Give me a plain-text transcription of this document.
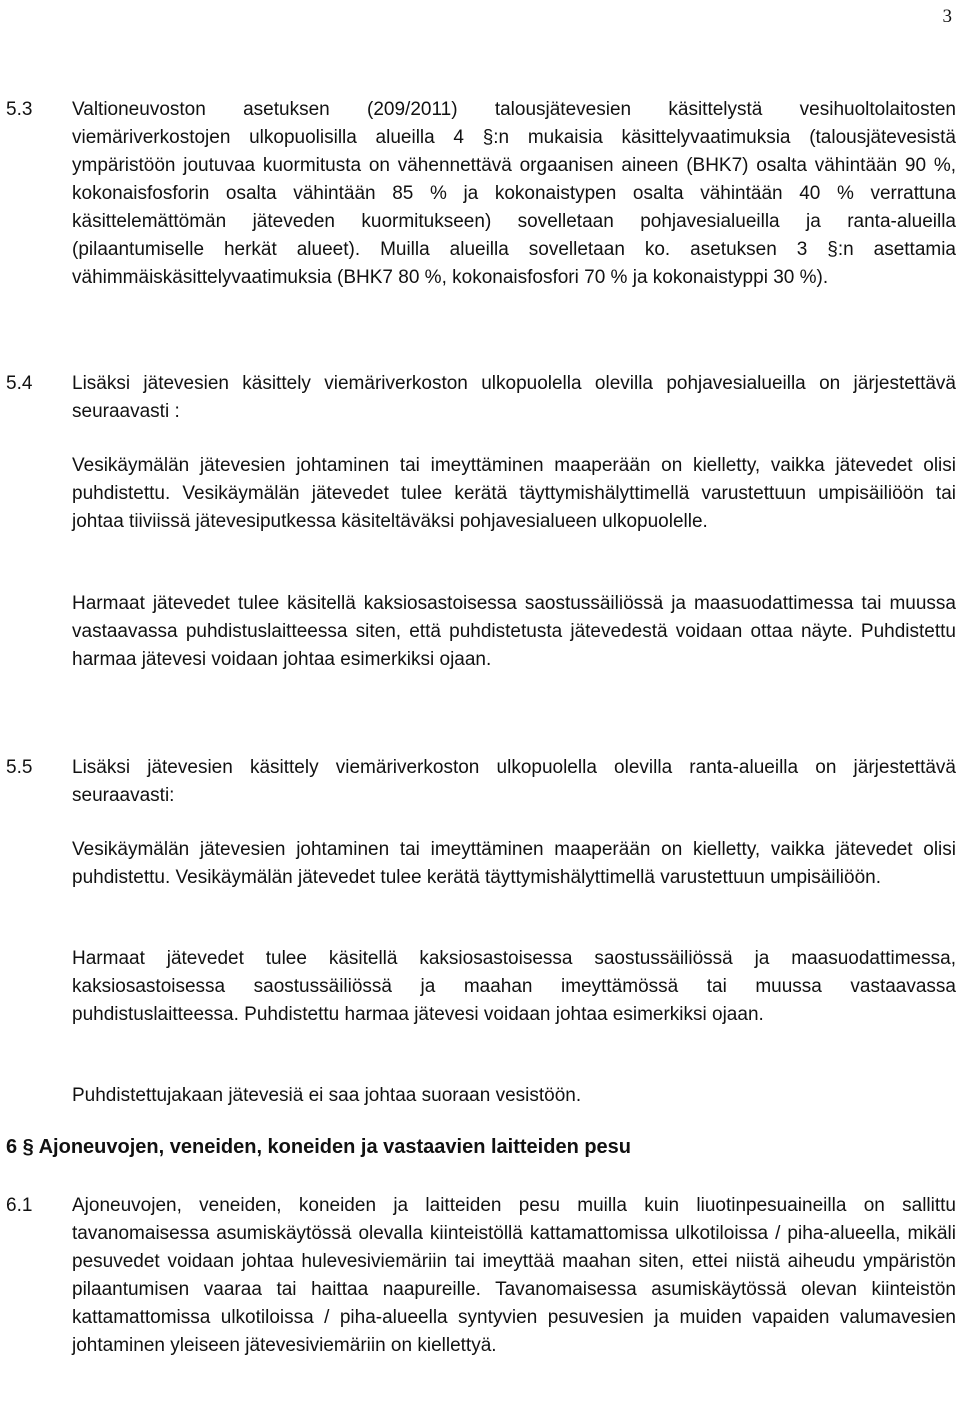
3
5.3 Valtioneuvoston asetuksen (209/2011) talousjätevesien käsittelystä vesihuoltolaitosten viemäriverkostojen ulkopuolisilla alueilla 4 §:n mukaisia käsittelyvaatimuksia (talousjätevesistä ympäristöön joutuvaa kuormitusta on vähennettävä orgaanisen aineen (BHK7) osalta vähintään 90 %, kokonaisfosforin osalta vähintään 85 % ja kokonaistypen osalta vähintään 40 % verrattuna käsittelemättömän jäteveden kuormitukseen) sovelletaan pohjavesialueilla ja ranta-alueilla (pilaantumiselle herkät alueet). Muilla alueilla sovelletaan ko. asetuksen 3 §:n asettamia vähimmäiskäsittelyvaatimuksia (BHK7 80 %, kokonaisfosfori 70 % ja kokonaistyppi 30 %).

5.4 Lisäksi jätevesien käsittely viemäriverkoston ulkopuolella olevilla pohjavesialueilla on järjestettävä seuraavasti :

Vesikäymälän jätevesien johtaminen tai imeyttäminen maaperään on kielletty, vaikka jätevedet olisi puhdistettu. Vesikäymälän jätevedet tulee kerätä täyttymishälyttimellä varustettuun umpisäiliöön tai johtaa tiiviissä jätevesiputkessa käsiteltäväksi pohjavesialueen ulkopuolelle.

Harmaat jätevedet tulee käsitellä kaksiosastoisessa saostussäiliössä ja maasuodattimessa tai muussa vastaavassa puhdistuslaitteessa siten, että puhdistetusta jätevedestä voidaan ottaa näyte. Puhdistettu harmaa jätevesi voidaan johtaa esimerkiksi ojaan.

5.5 Lisäksi jätevesien käsittely viemäriverkoston ulkopuolella olevilla ranta-alueilla on järjestettävä seuraavasti:

Vesikäymälän jätevesien johtaminen tai imeyttäminen maaperään on kielletty, vaikka jätevedet olisi puhdistettu. Vesikäymälän jätevedet tulee kerätä täyttymishälyttimellä varustettuun umpisäiliöön.

Harmaat jätevedet tulee käsitellä kaksiosastoisessa saostussäiliössä ja maasuodattimessa, kaksiosastoisessa saostussäiliössä ja maahan imeyttämössä tai muussa vastaavassa puhdistuslaitteessa. Puhdistettu harmaa jätevesi voidaan johtaa esimerkiksi ojaan.

Puhdistettujakaan jätevesiä ei saa johtaa suoraan vesistöön.

6 § Ajoneuvojen, veneiden, koneiden ja vastaavien laitteiden pesu
6.1 Ajoneuvojen, veneiden, koneiden ja laitteiden pesu muilla kuin liuotinpesuaineilla on sallittu tavanomaisessa asumiskäytössä olevalla kiinteistöllä kattamattomissa ulkotiloissa / piha-alueella, mikäli pesuvedet voidaan johtaa hulevesiviemäriin tai imeyttää maahan siten, ettei niistä aiheudu ympäristön pilaantumisen vaaraa tai haittaa naapureille. Tavanomaisessa asumiskäytössä olevan kiinteistön kattamattomissa ulkotiloissa / piha-alueella syntyvien pesuvesien ja muiden vapaiden valumavesien johtaminen yleiseen jätevesiviemäriin on kiellettyä.
